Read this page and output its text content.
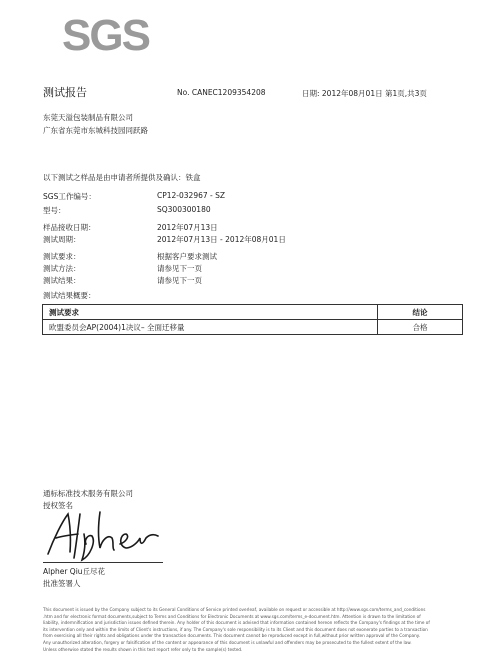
SGS
测试报告	No. CANEC1209354208	日期: 2012年08月01日 第1页,共3页
东莞天溢包装制品有限公司
广东省东莞市东城科技园同跃路
以下测试之样品是由申请者所提供及确认：铁盒
SGS工作编号：	CP12-032967 - SZ
型号：	SQ300300180
样品接收日期：	2012年07月13日
测试周期：	2012年07月13日 - 2012年08月01日
测试要求：	根据客户要求测试
测试方法：	请参见下一页
测试结果：	请参见下一页
测试结果概要：
测试要求	结论
欧盟委员会AP(2004)1决议– 全面迁移量	合格
通标标准技术服务有限公司
授权签名
Alpher Qiu丘尽花
批准签署人
This document is issued by the Company subject to its General Conditions of Service printed overleaf, available on request or accessible at http://www.sgs.com/terms_and_conditions
.htm and for electronic format documents,subject to Terms and Conditions for Electronic Documents at www.sgs.com/terms_e-document.htm. Attention is drawn to the limitation of
liability, indemnification and jurisdiction issues defined therein. Any holder of this document is advised that information contained hereon reflects the Company's findings at the time of
its intervention only and within the limits of Client's instructions, if any. The Company's sole responsibility is to its Client and this document does not exonerate parties to a transaction
from exercising all their rights and obligations under the transaction documents. This document cannot be reproduced except in full,without prior written approval of the Company.
Any unauthorized alteration, forgery or falsification of the content or appearance of this document is unlawful and offenders may be prosecuted to the fullest extent of the law.
Unless otherwise stated the results shown in this test report refer only to the sample(s) tested.
